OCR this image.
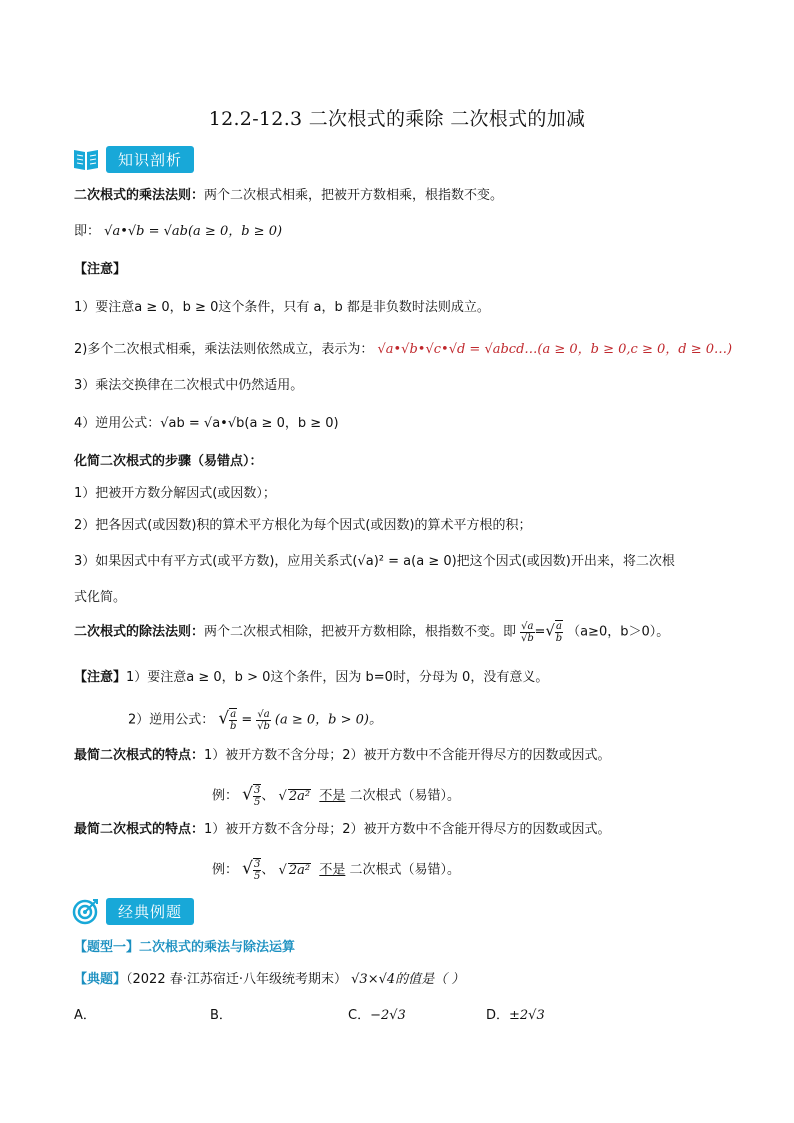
12.2-12.3 二次根式的乘除 二次根式的加减
知识剖析
二次根式的乘法法则：两个二次根式相乘，把被开方数相乘，根指数不变。
即： √a•√b = √ab(a ≥ 0，b ≥ 0)
【注意】
1）要注意a ≥ 0，b ≥ 0这个条件，只有 a，b 都是非负数时法则成立。
2)多个二次根式相乘，乘法法则依然成立，表示为： √a•√b•√c•√d = √abcd…(a ≥ 0，b ≥ 0,c ≥ 0，d ≥ 0…)
3）乘法交换律在二次根式中仍然适用。
4）逆用公式：√ab = √a•√b(a ≥ 0，b ≥ 0)
化简二次根式的步骤（易错点）：
1）把被开方数分解因式(或因数）；
2）把各因式(或因数)积的算术平方根化为每个因式(或因数)的算术平方根的积；
3）如果因式中有平方式(或平方数)，应用关系式(√a)² = a(a ≥ 0)把这个因式(或因数)开出来，将二次根
式化简。
二次根式的除法法则：两个二次根式相除，把被开方数相除，根指数不变。即 $\frac{√a}{√b}$ =√ $\frac{a}{b} (a\ge 0$，b＞0）。
【注意】1）要注意a ≥ 0，b > 0这个条件，因为 b=0时，分母为 0，没有意义。
2）逆用公式： √ $\frac{a}{b} = \frac{√a}{√b} (a \ge 0$，b > 0)。
最简二次根式的特点：1）被开方数不含分母；2）被开方数中不含能开得尽方的因数或因式。
例： √ $\frac{3}{5}$ 、 √ 2a² 不是 二次根式（易错）。
最简二次根式的特点：1）被开方数不含分母；2）被开方数中不含能开得尽方的因数或因式。
例： √ $\frac{3}{5}$ 、 √ 2a² 不是 二次根式（易错）。
经典例题
【题型一】二次根式的乘法与除法运算
【典题】（2022 春·江苏宿迁·八年级统考期末） √3×√4的值是（ ）
A．	B．	C．−2√3	D．±2√3
